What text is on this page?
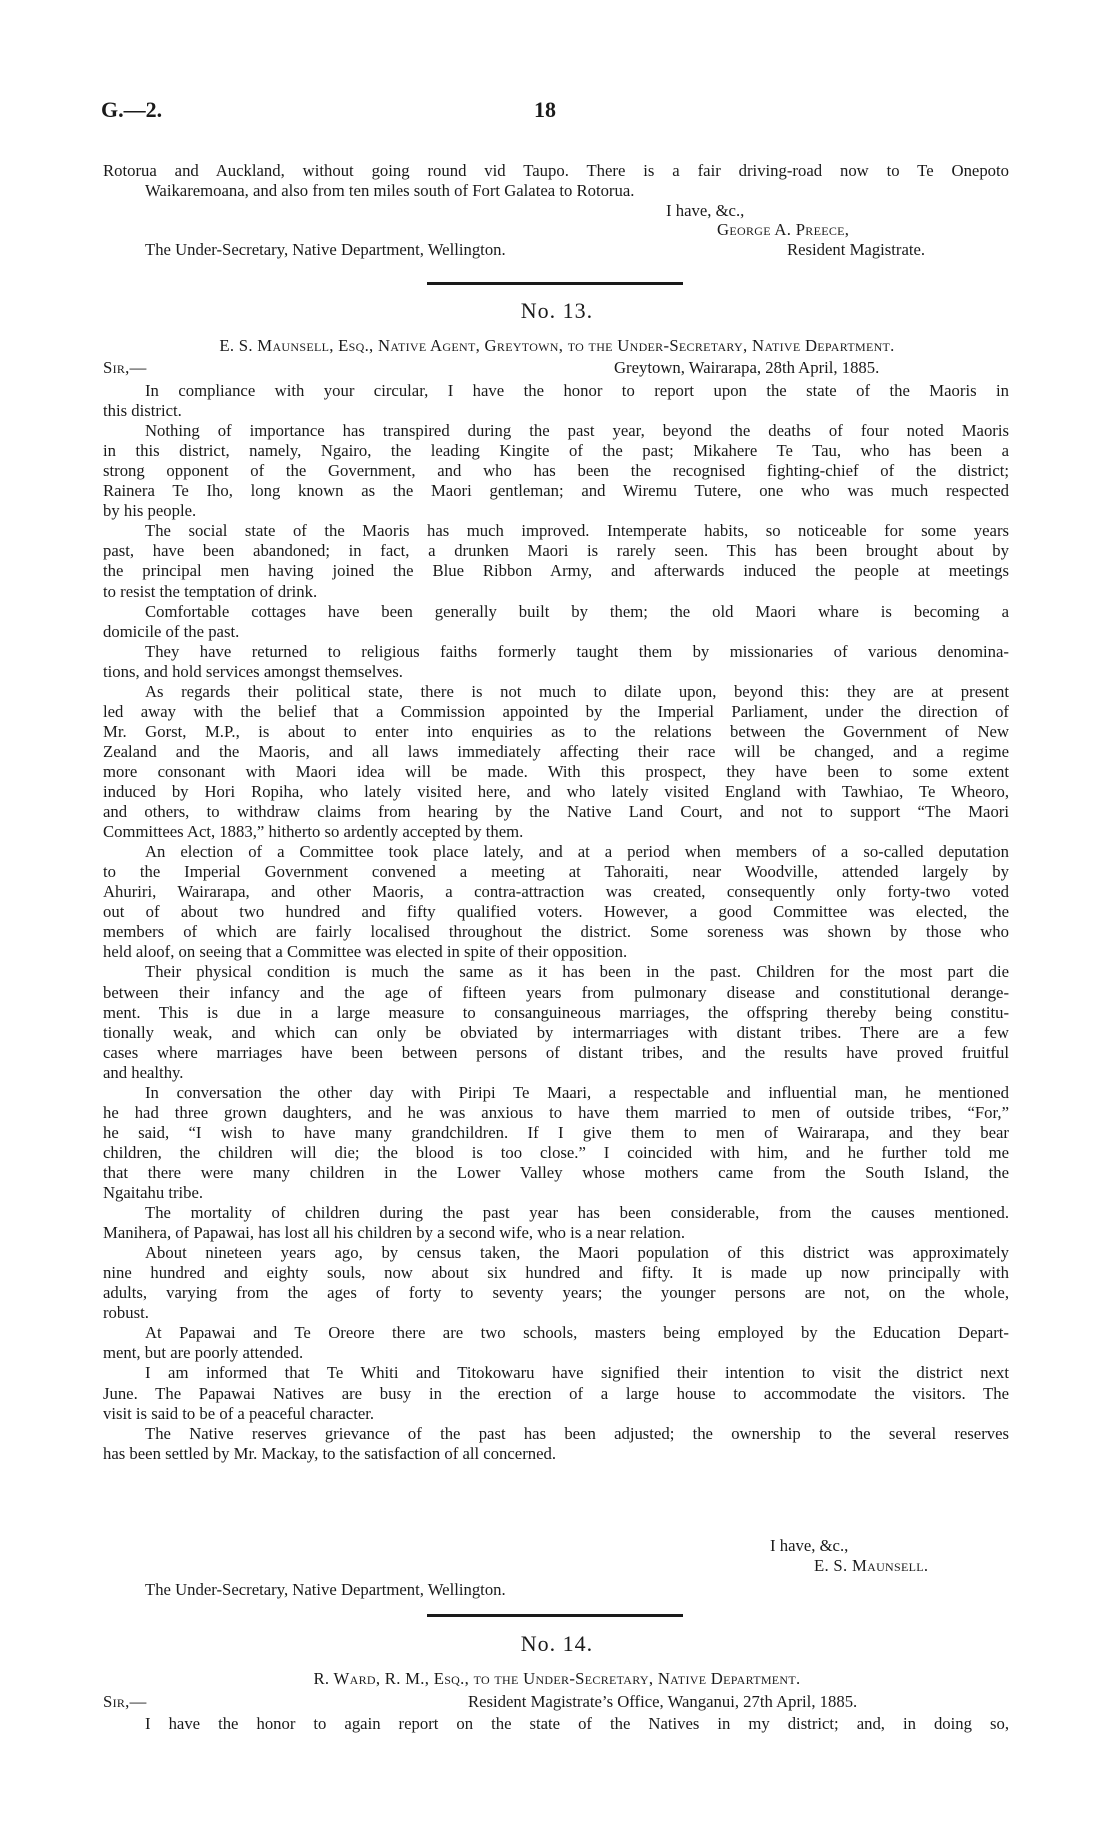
G.—2.	18
Rotorua and Auckland, without going round vid Taupo. There is a fair driving-road now to Te Onepoto
Waikaremoana, and also from ten miles south of Fort Galatea to Rotorua.
I have, &c.,
George A. Preece,
The Under-Secretary, Native Department, Wellington.	Resident Magistrate.
No. 13.
E. S. Maunsell, Esq., Native Agent, Greytown, to the Under-Secretary, Native Department.
Sir,—	Greytown, Wairarapa, 28th April, 1885.
In compliance with your circular, I have the honor to report upon the state of the Maoris in
this district.
Nothing of importance has transpired during the past year, beyond the deaths of four noted Maoris
in this district, namely, Ngairo, the leading Kingite of the past; Mikahere Te Tau, who has been a
strong opponent of the Government, and who has been the recognised fighting-chief of the district;
Rainera Te Iho, long known as the Maori gentleman; and Wiremu Tutere, one who was much respected
by his people.
The social state of the Maoris has much improved. Intemperate habits, so noticeable for some years
past, have been abandoned; in fact, a drunken Maori is rarely seen. This has been brought about by
the principal men having joined the Blue Ribbon Army, and afterwards induced the people at meetings
to resist the temptation of drink.
Comfortable cottages have been generally built by them; the old Maori whare is becoming a
domicile of the past.
They have returned to religious faiths formerly taught them by missionaries of various denomina-
tions, and hold services amongst themselves.
As regards their political state, there is not much to dilate upon, beyond this: they are at present
led away with the belief that a Commission appointed by the Imperial Parliament, under the direction of
Mr. Gorst, M.P., is about to enter into enquiries as to the relations between the Government of New
Zealand and the Maoris, and all laws immediately affecting their race will be changed, and a regime
more consonant with Maori idea will be made. With this prospect, they have been to some extent
induced by Hori Ropiha, who lately visited here, and who lately visited England with Tawhiao, Te Wheoro,
and others, to withdraw claims from hearing by the Native Land Court, and not to support “The Maori
Committees Act, 1883,” hitherto so ardently accepted by them.
An election of a Committee took place lately, and at a period when members of a so-called deputation
to the Imperial Government convened a meeting at Tahoraiti, near Woodville, attended largely by
Ahuriri, Wairarapa, and other Maoris, a contra-attraction was created, consequently only forty-two voted
out of about two hundred and fifty qualified voters. However, a good Committee was elected, the
members of which are fairly localised throughout the district. Some soreness was shown by those who
held aloof, on seeing that a Committee was elected in spite of their opposition.
Their physical condition is much the same as it has been in the past. Children for the most part die
between their infancy and the age of fifteen years from pulmonary disease and constitutional derange-
ment. This is due in a large measure to consanguineous marriages, the offspring thereby being constitu-
tionally weak, and which can only be obviated by intermarriages with distant tribes. There are a few
cases where marriages have been between persons of distant tribes, and the results have proved fruitful
and healthy.
In conversation the other day with Piripi Te Maari, a respectable and influential man, he mentioned
he had three grown daughters, and he was anxious to have them married to men of outside tribes, “For,”
he said, “I wish to have many grandchildren. If I give them to men of Wairarapa, and they bear
children, the children will die; the blood is too close.” I coincided with him, and he further told me
that there were many children in the Lower Valley whose mothers came from the South Island, the
Ngaitahu tribe.
The mortality of children during the past year has been considerable, from the causes mentioned.
Manihera, of Papawai, has lost all his children by a second wife, who is a near relation.
About nineteen years ago, by census taken, the Maori population of this district was approximately
nine hundred and eighty souls, now about six hundred and fifty. It is made up now principally with
adults, varying from the ages of forty to seventy years; the younger persons are not, on the whole,
robust.
At Papawai and Te Oreore there are two schools, masters being employed by the Education Depart-
ment, but are poorly attended.
I am informed that Te Whiti and Titokowaru have signified their intention to visit the district next
June. The Papawai Natives are busy in the erection of a large house to accommodate the visitors. The
visit is said to be of a peaceful character.
The Native reserves grievance of the past has been adjusted; the ownership to the several reserves
has been settled by Mr. Mackay, to the satisfaction of all concerned.
I have, &c.,
E. S. Maunsell.
The Under-Secretary, Native Department, Wellington.
No. 14.
R. Ward, R. M., Esq., to the Under-Secretary, Native Department.
Sir,—	Resident Magistrate’s Office, Wanganui, 27th April, 1885.
I have the honor to again report on the state of the Natives in my district; and, in doing so,
